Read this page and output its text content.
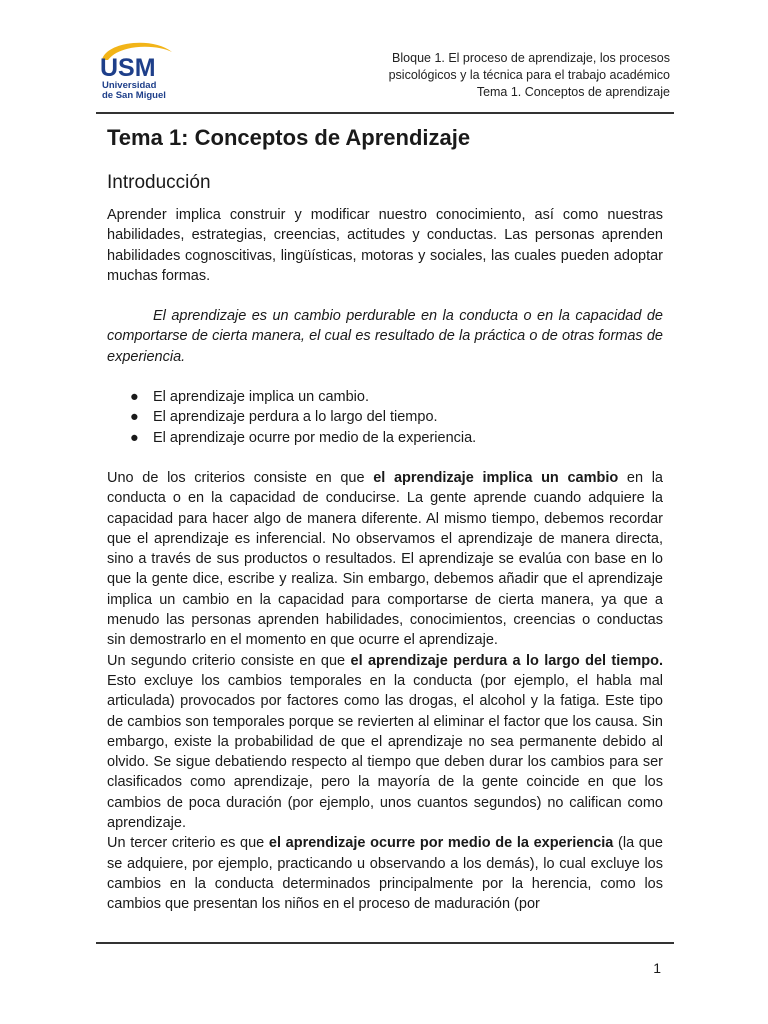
USM
Universidad
de San Miguel
Bloque 1. El proceso de aprendizaje, los procesos
psicológicos y la técnica para el trabajo académico
Tema 1. Conceptos de aprendizaje
Tema 1: Conceptos de Aprendizaje
Introducción

Aprender implica construir y modificar nuestro conocimiento, así como nuestras habilidades, estrategias, creencias, actitudes y conductas. Las personas aprenden habilidades cognoscitivas, lingüísticas, motoras y sociales, las cuales pueden adoptar muchas formas.

El aprendizaje es un cambio perdurable en la conducta o en la capacidad de comportarse de cierta manera, el cual es resultado de la práctica o de otras formas de experiencia.

● El aprendizaje implica un cambio.
● El aprendizaje perdura a lo largo del tiempo.
● El aprendizaje ocurre por medio de la experiencia.

Uno de los criterios consiste en que el aprendizaje implica un cambio en la conducta o en la capacidad de conducirse. La gente aprende cuando adquiere la capacidad para hacer algo de manera diferente. Al mismo tiempo, debemos recordar que el aprendizaje es inferencial. No observamos el aprendizaje de manera directa, sino a través de sus productos o resultados. El aprendizaje se evalúa con base en lo que la gente dice, escribe y realiza. Sin embargo, debemos añadir que el aprendizaje implica un cambio en la capacidad para comportarse de cierta manera, ya que a menudo las personas aprenden habilidades, conocimientos, creencias o conductas sin demostrarlo en el momento en que ocurre el aprendizaje.

Un segundo criterio consiste en que el aprendizaje perdura a lo largo del tiempo. Esto excluye los cambios temporales en la conducta (por ejemplo, el habla mal articulada) provocados por factores como las drogas, el alcohol y la fatiga. Este tipo de cambios son temporales porque se revierten al eliminar el factor que los causa. Sin embargo, existe la probabilidad de que el aprendizaje no sea permanente debido al olvido. Se sigue debatiendo respecto al tiempo que deben durar los cambios para ser clasificados como aprendizaje, pero la mayoría de la gente coincide en que los cambios de poca duración (por ejemplo, unos cuantos segundos) no califican como aprendizaje.

Un tercer criterio es que el aprendizaje ocurre por medio de la experiencia (la que se adquiere, por ejemplo, practicando u observando a los demás), lo cual excluye los cambios en la conducta determinados principalmente por la herencia, como los cambios que presentan los niños en el proceso de maduración (por

1
